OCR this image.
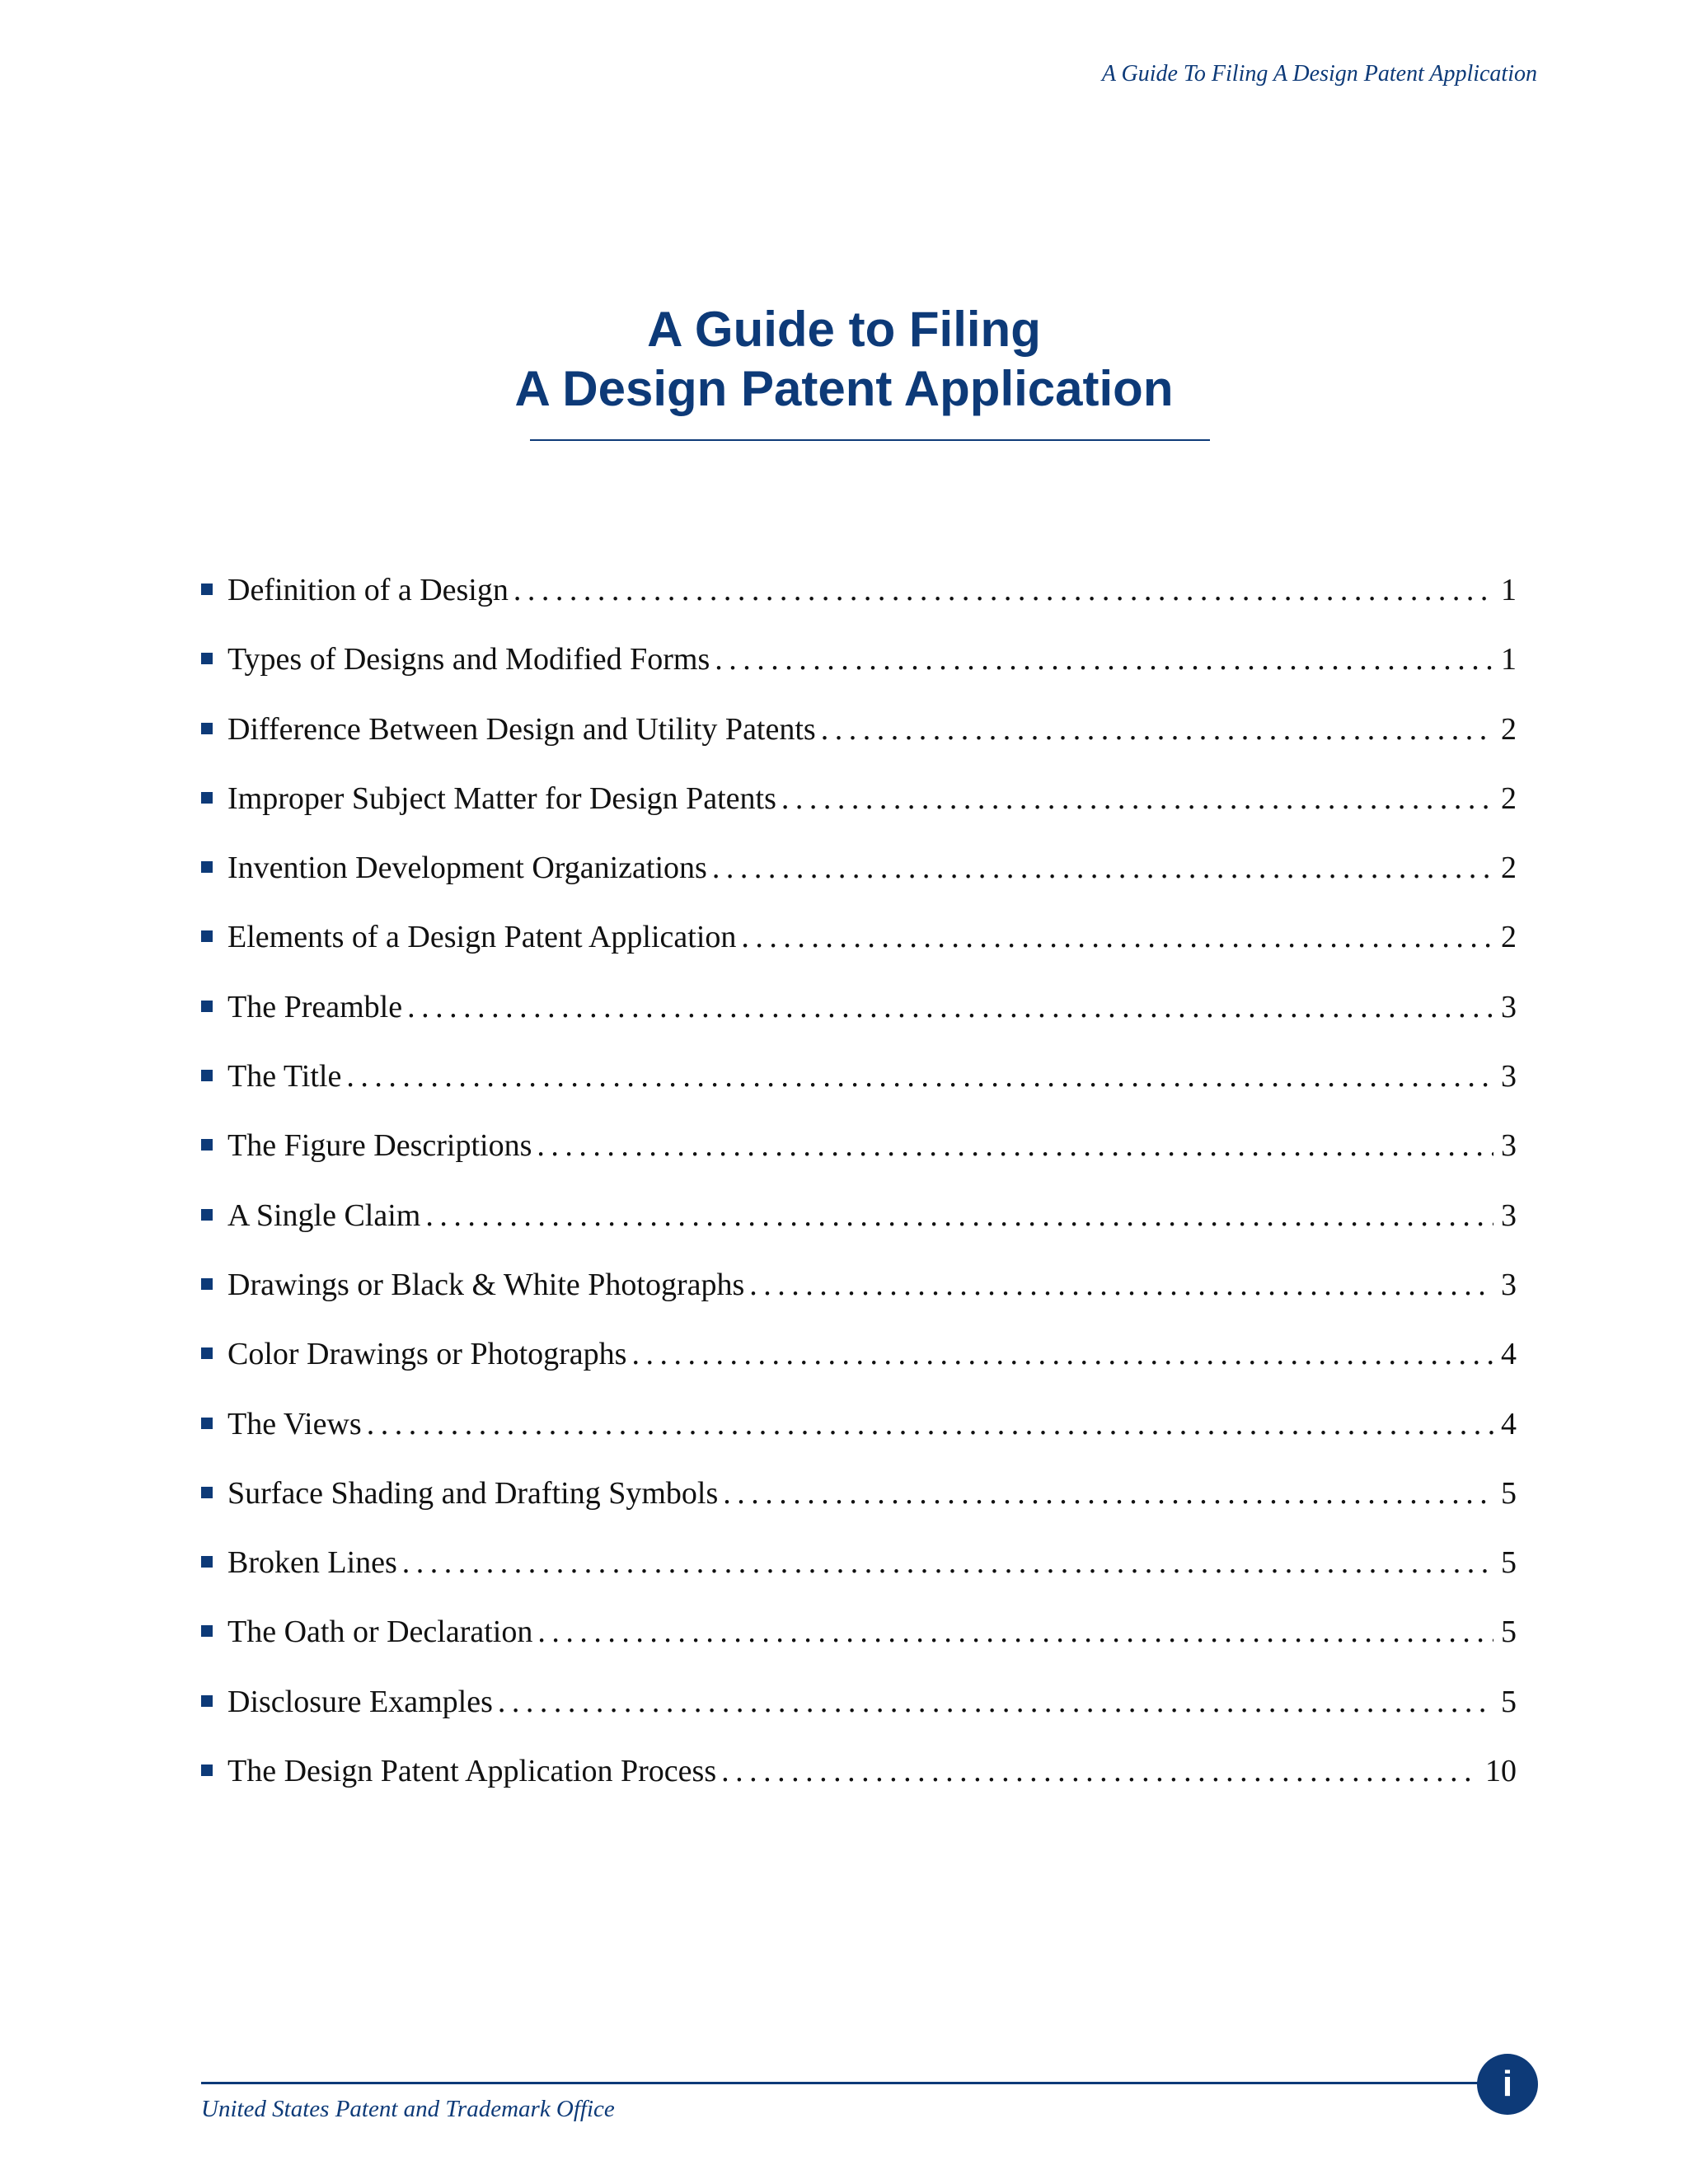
A Guide To Filing A Design Patent Application
A Guide to Filing
A Design Patent Application
Definition of a Design . . .	1
Types of Designs and Modified Forms . . .	1
Difference Between Design and Utility Patents . . .	2
Improper Subject Matter for Design Patents . . .	2
Invention Development Organizations . . .	2
Elements of a Design Patent Application . . .	2
The Preamble . . .	3
The Title . . .	3
The Figure Descriptions . . .	3
A Single Claim . . .	3
Drawings or Black & White Photographs . . .	3
Color Drawings or Photographs . . .	4
The Views . . .	4
Surface Shading and Drafting Symbols . . .	5
Broken Lines . . .	5
The Oath or Declaration . . .	5
Disclosure Examples . . .	5
The Design Patent Application Process . . .	10
United States Patent and Trademark Office
i
